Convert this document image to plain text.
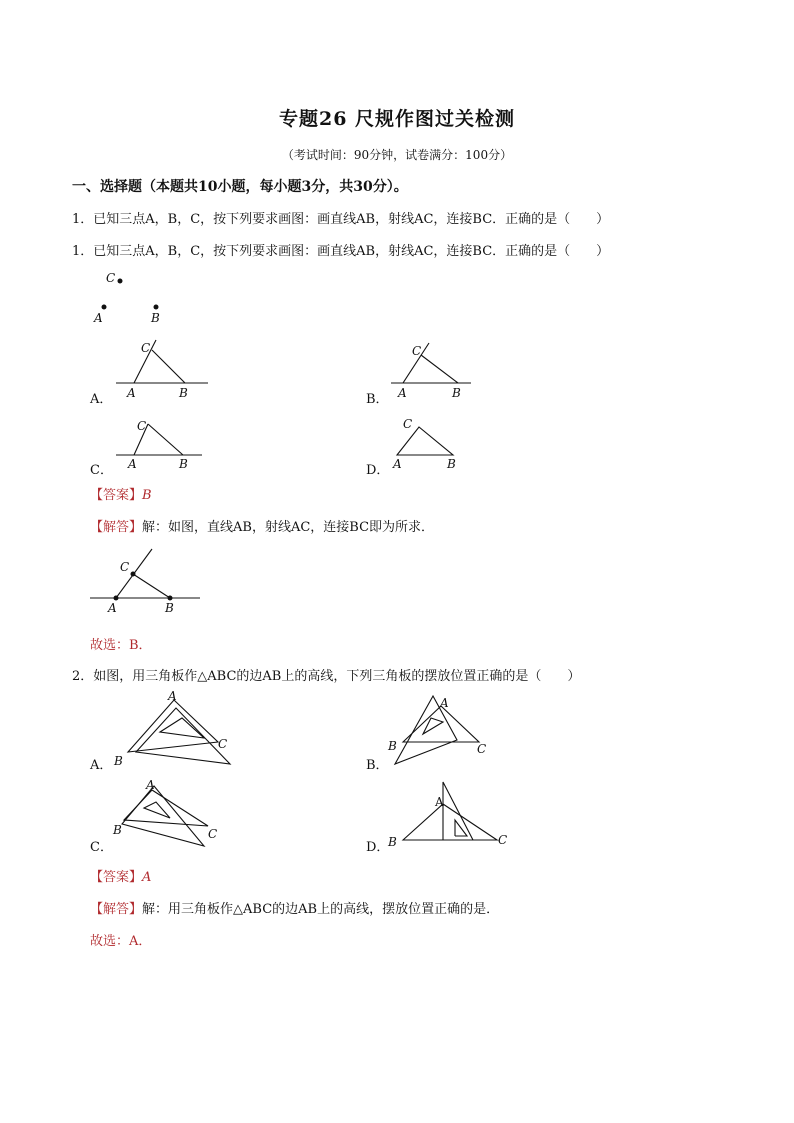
专题26 尺规作图过关检测
（考试时间：90分钟，试卷满分：100分）
一、选择题（本题共10小题，每小题3分，共30分）。
1．已知三点A，B，C，按下列要求画图：画直线AB，射线AC，连接BC．正确的是（　　）
1．已知三点A，B，C，按下列要求画图：画直线AB，射线AC，连接BC．正确的是（　　）
C
A	B
A．
C
A	B	B．
C
A	B
C．
C
A	B	D．
C
A	B
【答案】B
【解答】解：如图，直线AB，射线AC，连接BC即为所求．
C
A	B
故选：B．
2．如图，用三角板作△ABC的边AB上的高线，下列三角板的摆放位置正确的是（　　）
A．
A
B
C
B．
A
B	C
C．
A
B	C
D．
A
B	C
【答案】A
【解答】解：用三角板作△ABC的边AB上的高线，摆放位置正确的是．
故选：A．
